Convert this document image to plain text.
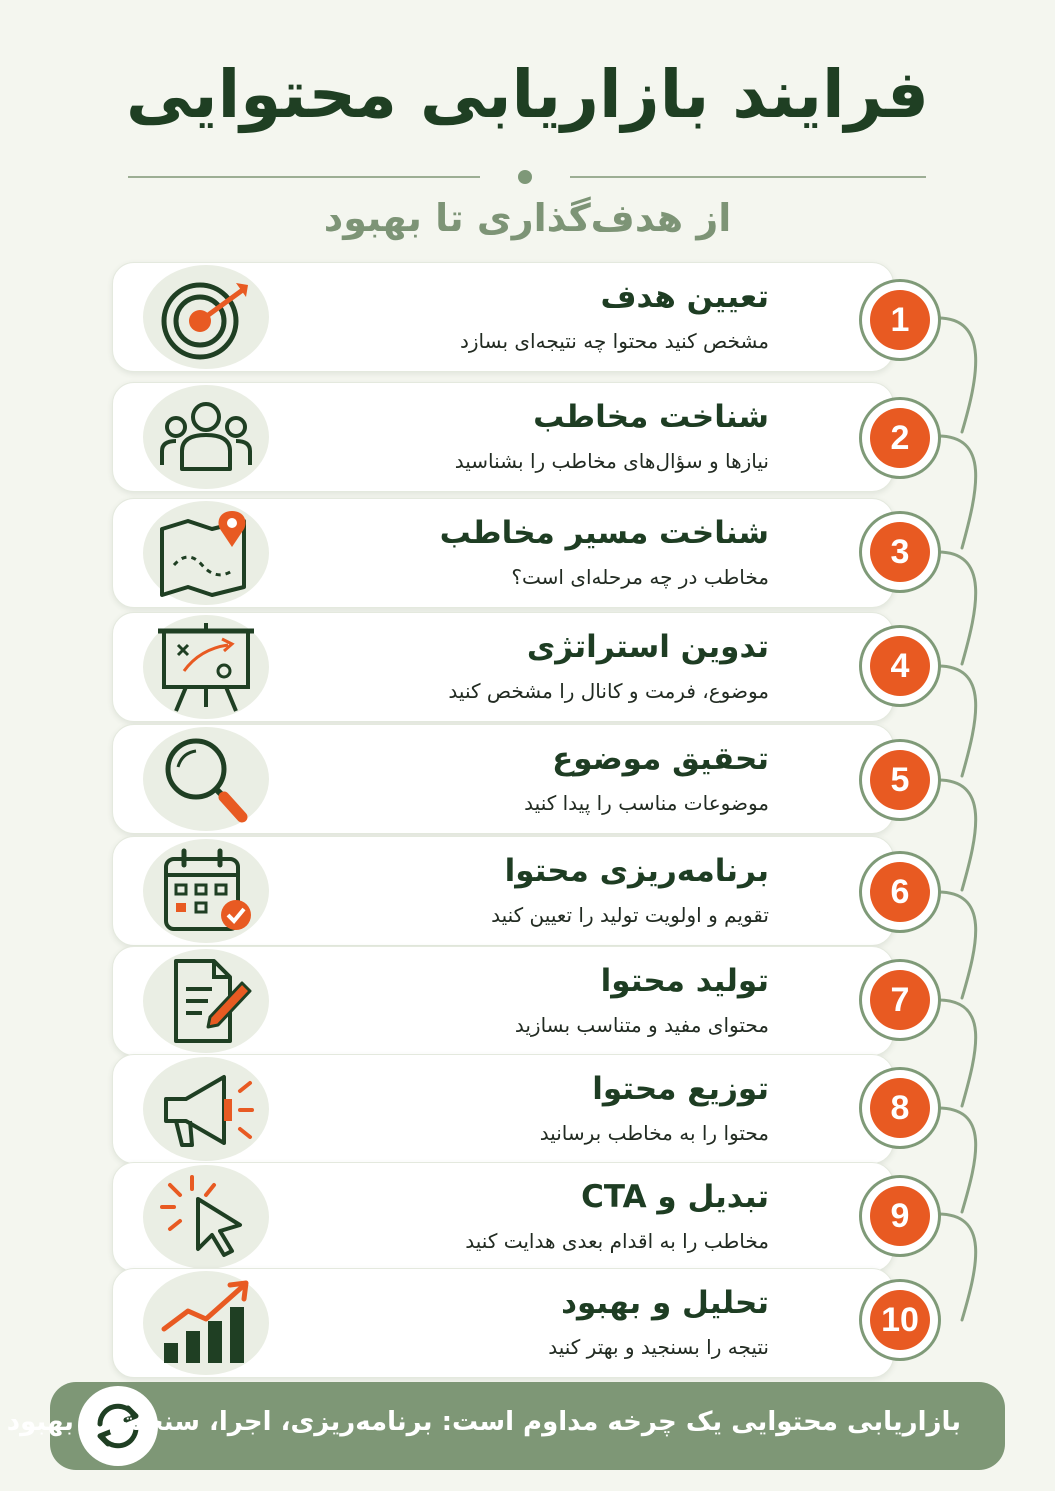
فرایند بازاریابی محتوایی
از هدف‌گذاری تا بهبود
تعیین هدف
مشخص کنید محتوا چه نتیجه‌ای بسازد
1
شناخت مخاطب
نیازها و سؤال‌های مخاطب را بشناسید
2
شناخت مسیر مخاطب
مخاطب در چه مرحله‌ای است؟
3
تدوین استراتژی
موضوع، فرمت و کانال را مشخص کنید
4
تحقیق موضوع
موضوعات مناسب را پیدا کنید
5
برنامه‌ریزی محتوا
تقویم و اولویت تولید را تعیین کنید
6
تولید محتوا
محتوای مفید و متناسب بسازید
7
توزیع محتوا
محتوا را به مخاطب برسانید
8
تبدیل و CTA
مخاطب را به اقدام بعدی هدایت کنید
9
تحلیل و بهبود
نتیجه را بسنجید و بهتر کنید
10
بازاریابی محتوایی یک چرخه مداوم است: برنامه‌ریزی، اجرا، سنجش و بهبود
